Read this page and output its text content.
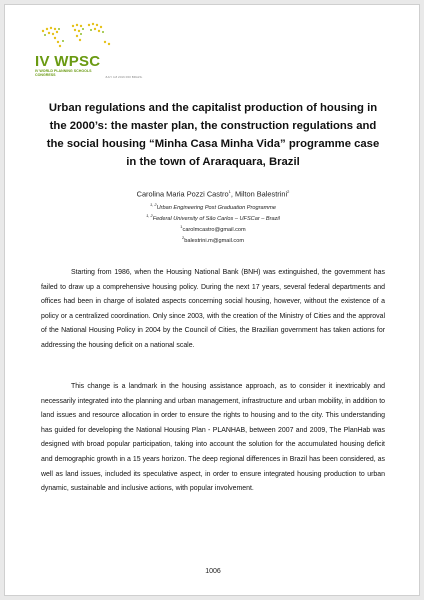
IV WPSC
IV WORLD PLANNING SCHOOLS CONGRESS	JULY 4-8 2016 RIO BRAZIL
Urban regulations and the capitalist production of housing in the 2000’s: the master plan, the construction regulations and the social housing “Minha Casa Minha Vida” programme case in the town of Araraquara, Brazil
Carolina Maria Pozzi Castro$^1$, Milton Balestrini$^2$
$^{1, 2}$Urban Engineering Post Graduation Programme
$^{1, 2}$Federal University of São Carlos – UFSCar – Brazil
$^1$carolmcastro@gmail.com
$^2$balestrini.m@gmail.com

Starting from 1986, when the Housing National Bank (BNH) was extinguished, the government has failed to draw up a comprehensive housing policy. During the next 17 years, several federal departments and offices had been in charge of isolated aspects concerning social housing, however, without the existence of a policy or a centralized coordination. Only since 2003, with the creation of the Ministry of Cities and the approval of the National Housing Policy in 2004 by the Council of Cities, the Brazilian government has taken actions for addressing the housing deficit on a national scale.

This change is a landmark in the housing assistance approach, as to consider it inextricably and necessarily integrated into the planning and urban management, infrastructure and urban mobility, in addition to land issues and resource allocation in order to ensure the rights to housing and to the city. This understanding has guided for developing the National Housing Plan - PLANHAB, between 2007 and 2009, The PlanHab was designed with broad popular participation, taking into account the solution for the accumulated housing deficit and demographic growth in a 15 years horizon. The deep regional differences in Brazil has been considered, as well as land issues, included its speculative aspect, in order to ensure integrated housing production to urban dynamic, sustainable and inclusive actions, with popular involvement.

1006
